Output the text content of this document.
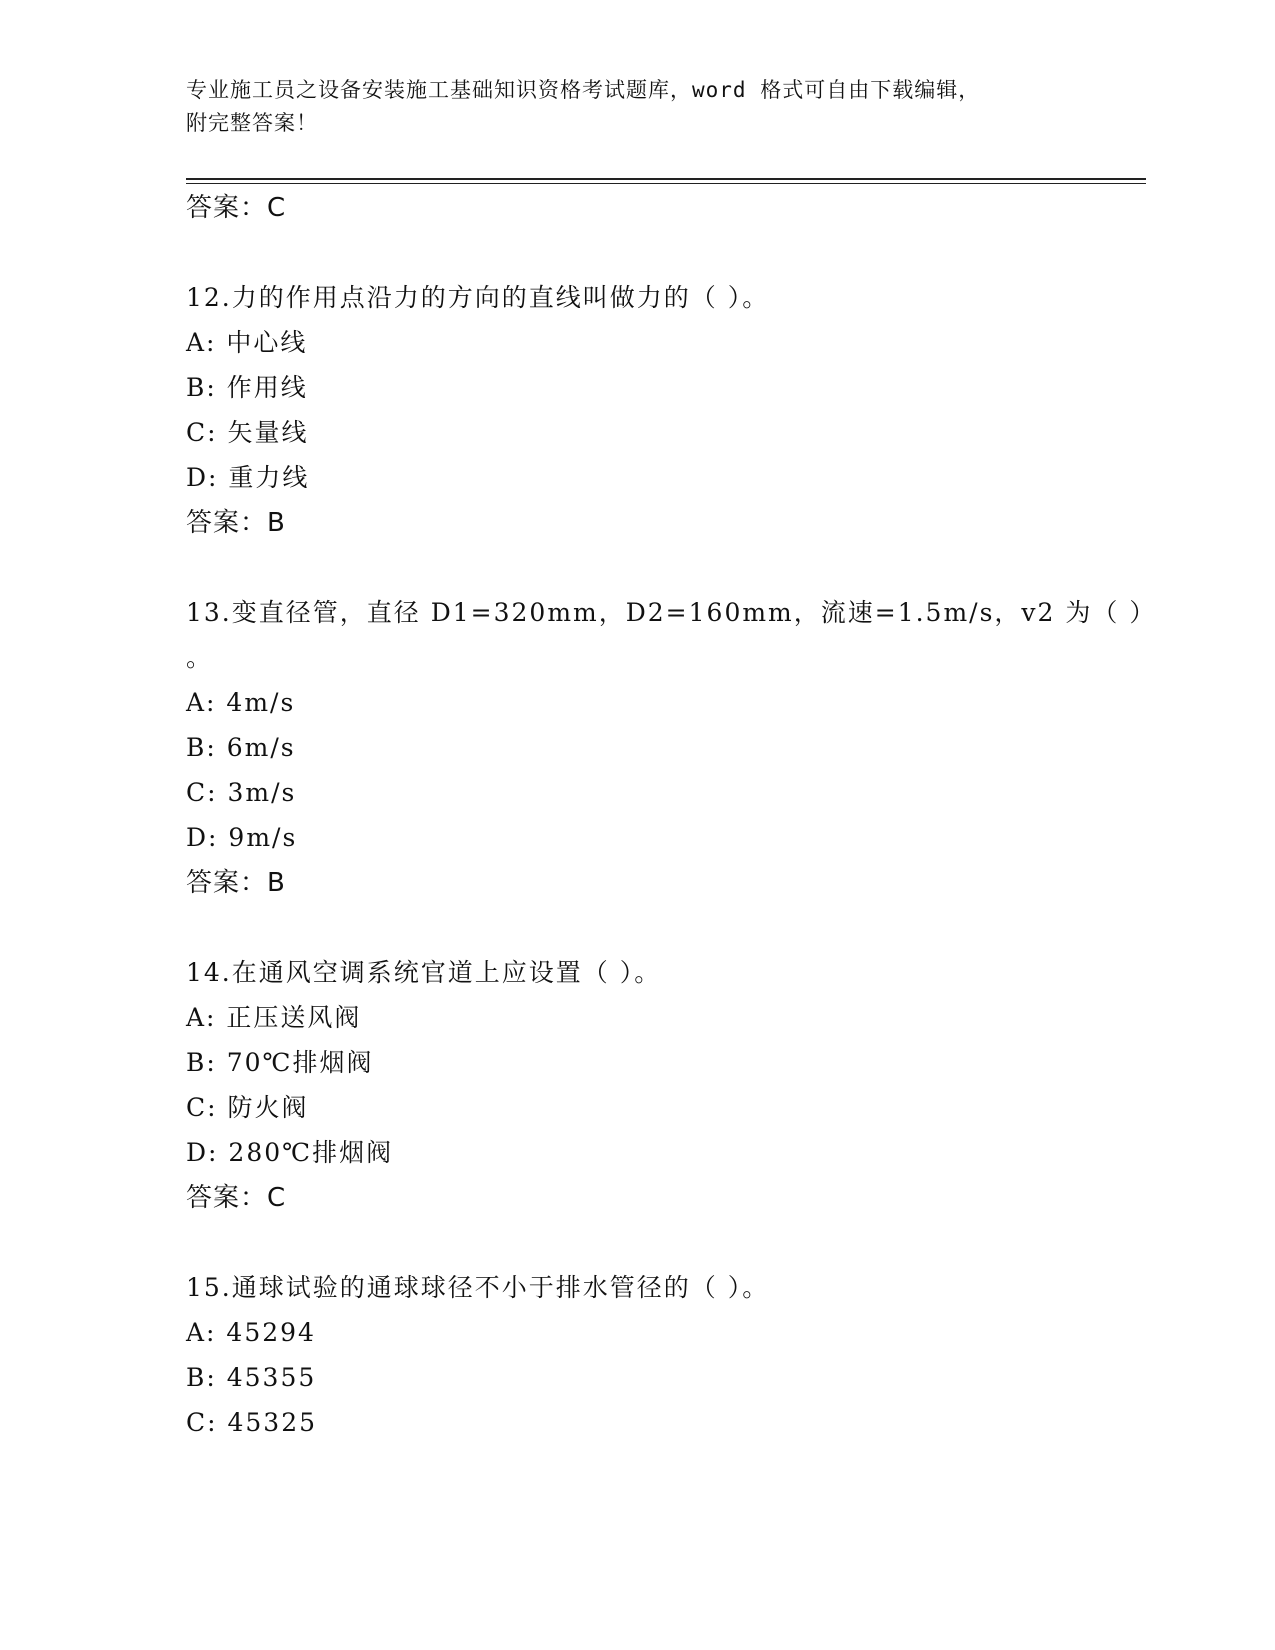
专业施工员之设备安装施工基础知识资格考试题库，word 格式可自由下载编辑，
附完整答案！
答案：C
12.力的作用点沿力的方向的直线叫做力的（ ）。
A: 中心线
B: 作用线
C: 矢量线
D: 重力线
答案：B
13.变直径管，直径 D1=320mm，D2=160mm，流速=1.5m/s，v2 为（ ）
。
A: 4m/s
B: 6m/s
C: 3m/s
D: 9m/s
答案：B
14.在通风空调系统官道上应设置（ ）。
A: 正压送风阀
B: 70℃排烟阀
C: 防火阀
D: 280℃排烟阀
答案：C
15.通球试验的通球球径不小于排水管径的（ ）。
A: 45294
B: 45355
C: 45325
